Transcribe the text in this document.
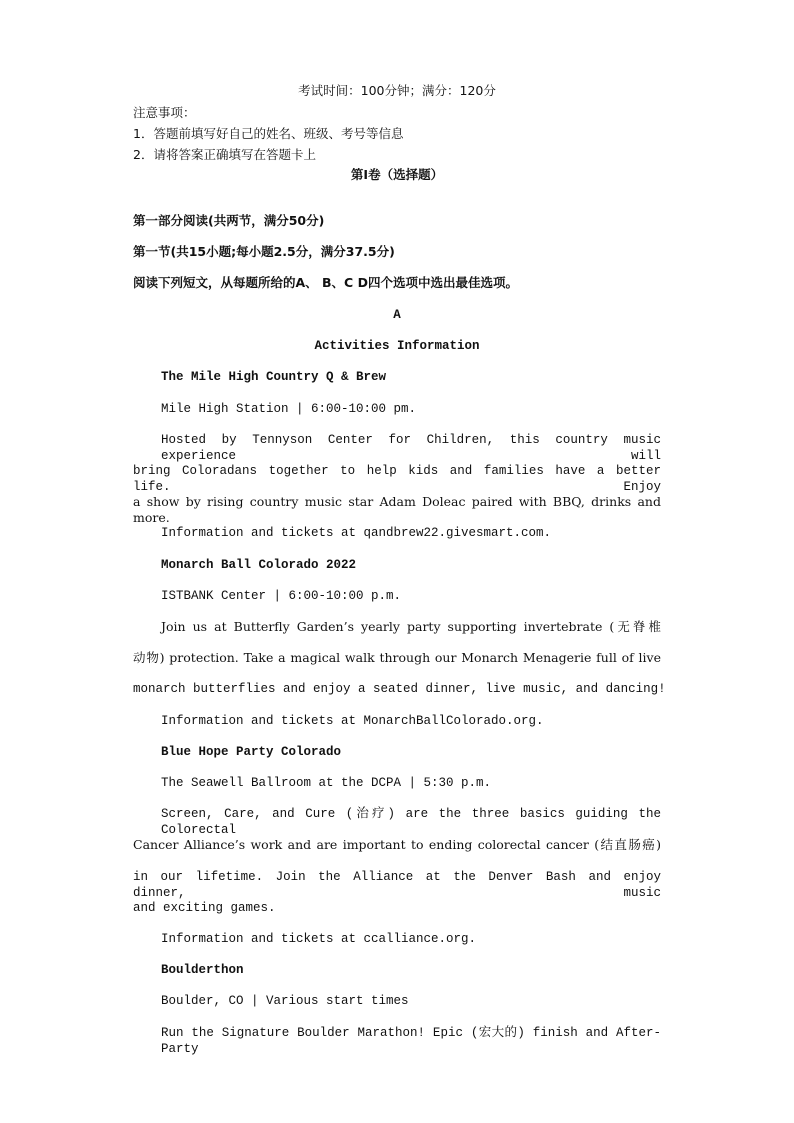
考试时间：100分钟；满分：120分
注意事项：
1．答题前填写好自己的姓名、班级、考号等信息
2．请将答案正确填写在答题卡上
第I卷（选择题）
第一部分阅读(共两节，满分50分)
第一节(共15小题;每小题2.5分，满分37.5分)
阅读下列短文，从每题所给的A、 B、C D四个选项中选出最佳选项。
A
Activities Information
The Mile High Country Q & Brew
Mile High Station | 6:00-10:00 pm.
Hosted by Tennyson Center for Children, this country music experience will
bring Coloradans together to help kids and families have a better life. Enjoy
a show by rising country music star Adam Doleac paired with BBQ, drinks and more.
Information and tickets at qandbrew22.givesmart.com.
Monarch Ball Colorado 2022
ISTBANK Center | 6:00-10:00 p.m.
Join us at Butterfly Garden’s yearly party supporting invertebrate (无脊椎
动物) protection. Take a magical walk through our Monarch Menagerie full of live
monarch butterflies and enjoy a seated dinner, live music, and dancing!
Information and tickets at MonarchBallColorado.org.
Blue Hope Party Colorado
The Seawell Ballroom at the DCPA | 5:30 p.m.
Screen, Care, and Cure (治疗) are the three basics guiding the Colorectal
Cancer Alliance’s work and are important to ending colorectal cancer (结直肠癌)
in our lifetime. Join the Alliance at the Denver Bash and enjoy dinner, music
and exciting games.
Information and tickets at ccalliance.org.
Boulderthon
Boulder, CO | Various start times
Run the Signature Boulder Marathon! Epic (宏大的) finish and After-Party
